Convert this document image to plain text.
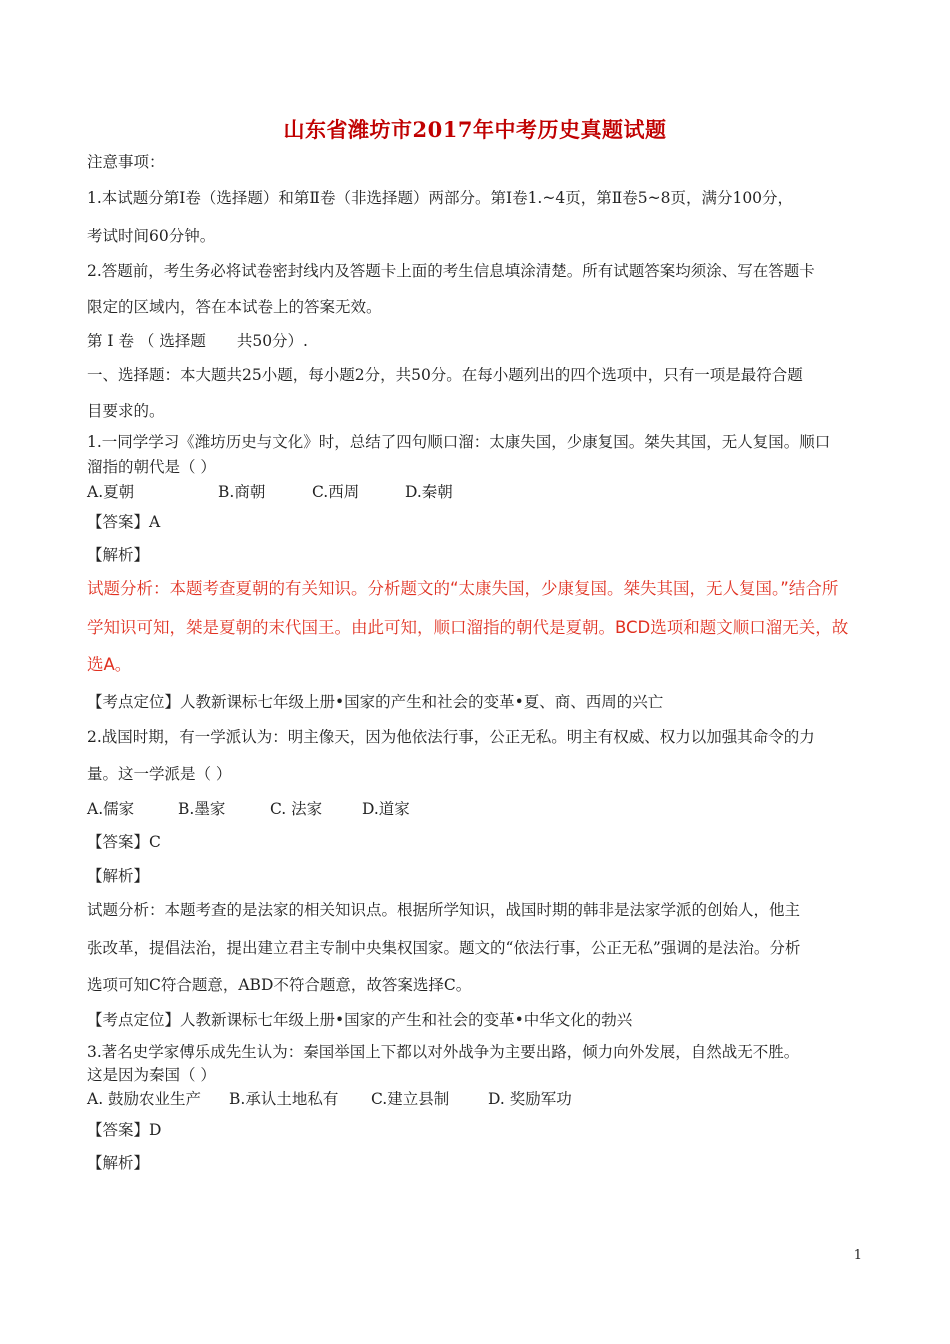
山东省潍坊市2017年中考历史真题试题
注意事项：
1.本试题分第Ⅰ卷（选择题）和第Ⅱ卷（非选择题）两部分。第Ⅰ卷1.~4页，第Ⅱ卷5~8页，满分100分，
考试时间60分钟。
2.答题前，考生务必将试卷密封线内及答题卡上面的考生信息填涂清楚。所有试题答案均须涂、写在答题卡
限定的区域内，答在本试卷上的答案无效。
第 Ⅰ 卷 （ 选择题　　共50分）.
一、选择题：本大题共25小题，每小题2分，共50分。在每小题列出的四个选项中，只有一项是最符合题
目要求的。
1.一同学学习《潍坊历史与文化》时，总结了四句顺口溜：太康失国，少康复国。桀失其国，无人复国。顺口
溜指的朝代是（ ）
A.夏朝	B.商朝	C.西周	D.秦朝
【答案】A
【解析】
试题分析：本题考查夏朝的有关知识。分析题文的“太康失国，少康复国。桀失其国，无人复国。”结合所
学知识可知，桀是夏朝的末代国王。由此可知，顺口溜指的朝代是夏朝。BCD选项和题文顺口溜无关，故
选A。
【考点定位】人教新课标七年级上册•国家的产生和社会的变革•夏、商、西周的兴亡
2.战国时期，有一学派认为：明主像天，因为他依法行事，公正无私。明主有权威、权力以加强其命令的力
量。这一学派是（ ）
A.儒家	B.墨家	C. 法家	D.道家
【答案】C
【解析】
试题分析：本题考查的是法家的相关知识点。根据所学知识，战国时期的韩非是法家学派的创始人，他主
张改革，提倡法治，提出建立君主专制中央集权国家。题文的“依法行事，公正无私”强调的是法治。分析
选项可知C符合题意，ABD不符合题意，故答案选择C。
【考点定位】人教新课标七年级上册•国家的产生和社会的变革•中华文化的勃兴
3.著名史学家傅乐成先生认为：秦国举国上下都以对外战争为主要出路，倾力向外发展，自然战无不胜。
这是因为秦国（ ）
A. 鼓励农业生产 B.承认土地私有 C.建立县制	D. 奖励军功
【答案】D
【解析】
1
